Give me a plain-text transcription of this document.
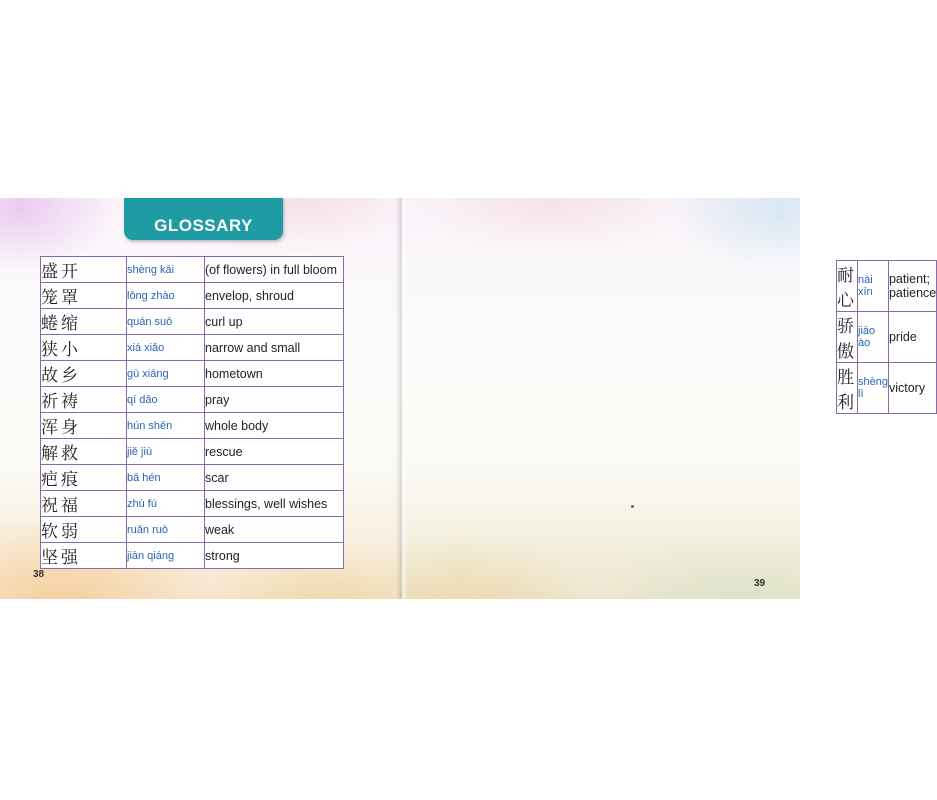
GLOSSARY
盛开	shèng kāi	(of flowers) in full bloom
笼罩	lǒng zhào	envelop, shroud
蜷缩	quán suō	curl up
狭小	xiá xiǎo	narrow and small
故乡	gù xiāng	hometown
祈祷	qí dǎo	pray
浑身	hún shēn	whole body
解救	jiě jiù	rescue
疤痕	bā hén	scar
祝福	zhù fú	blessings, well wishes
软弱	ruǎn ruò	weak
坚强	jiān qiáng	strong
38
耐心	nài xīn	patient; patience
骄傲	jiāo ào	pride
胜利	shèng lì	victory
39
